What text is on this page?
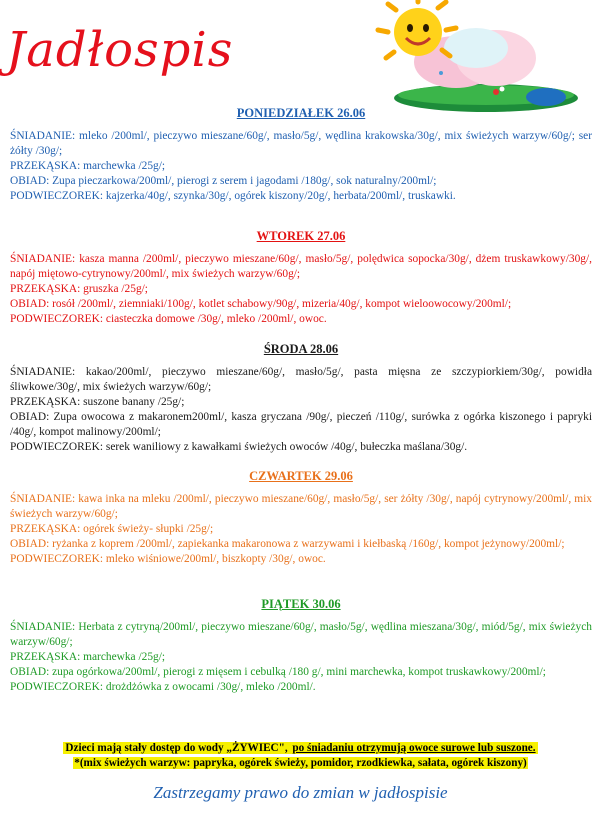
Jadłospis
PONIEDZIAŁEK 26.06

ŚNIADANIE: mleko /200ml/, pieczywo mieszane/60g/, masło/5g/, wędlina krakowska/30g/, mix świeżych warzyw/60g/; ser żółty /30g/;

PRZEKĄSKA: marchewka /25g/;

OBIAD: Zupa pieczarkowa/200ml/, pierogi z serem i jagodami /180g/, sok naturalny/200ml/;

PODWIECZOREK: kajzerka/40g/, szynka/30g/, ogórek kiszony/20g/, herbata/200ml/, truskawki.

WTOREK 27.06

ŚNIADANIE: kasza manna /200ml/, pieczywo mieszane/60g/, masło/5g/, polędwica sopocka/30g/, dżem truskawkowy/30g/, napój miętowo-cytrynowy/200ml/, mix świeżych warzyw/60g/;

PRZEKĄSKA: gruszka /25g/;

OBIAD: rosół /200ml/, ziemniaki/100g/, kotlet schabowy/90g/, mizeria/40g/, kompot wieloowocowy/200ml/;

PODWIECZOREK: ciasteczka domowe /30g/, mleko /200ml/, owoc.

ŚRODA 28.06

ŚNIADANIE: kakao/200ml/, pieczywo mieszane/60g/, masło/5g/, pasta mięsna ze szczypiorkiem/30g/, powidła śliwkowe/30g/, mix świeżych warzyw/60g/;

PRZEKĄSKA: suszone banany /25g/;

OBIAD: Zupa owocowa z makaronem200ml/, kasza gryczana /90g/, pieczeń /110g/, surówka z ogórka kiszonego i papryki /40g/, kompot malinowy/200ml/;

PODWIECZOREK: serek waniliowy z kawałkami świeżych owoców /40g/, bułeczka maślana/30g/.

CZWARTEK 29.06

ŚNIADANIE: kawa inka na mleku /200ml/, pieczywo mieszane/60g/, masło/5g/, ser żółty /30g/, napój cytrynowy/200ml/, mix świeżych warzyw/60g/;

PRZEKĄSKA: ogórek świeży- słupki /25g/;

OBIAD: ryżanka z koprem /200ml/, zapiekanka makaronowa z warzywami i kiełbaską /160g/, kompot jeżynowy/200ml/;

PODWIECZOREK: mleko wiśniowe/200ml/, biszkopty /30g/, owoc.

PIĄTEK 30.06

ŚNIADANIE: Herbata z cytryną/200ml/, pieczywo mieszane/60g/, masło/5g/, wędlina mieszana/30g/, miód/5g/, mix świeżych warzyw/60g/;

PRZEKĄSKA: marchewka /25g/;

OBIAD: zupa ogórkowa/200ml/, pierogi z mięsem i cebulką /180 g/, mini marchewka, kompot truskawkowy/200ml/;

PODWIECZOREK: drożdżówka z owocami /30g/, mleko /200ml/.

Dzieci mają stały dostęp do wody „ŻYWIEC", po śniadaniu otrzymują owoce surowe lub suszone.
*(mix świeżych warzyw: papryka, ogórek świeży, pomidor, rzodkiewka, sałata, ogórek kiszony)
Zastrzegamy prawo do zmian w jadłospisie
